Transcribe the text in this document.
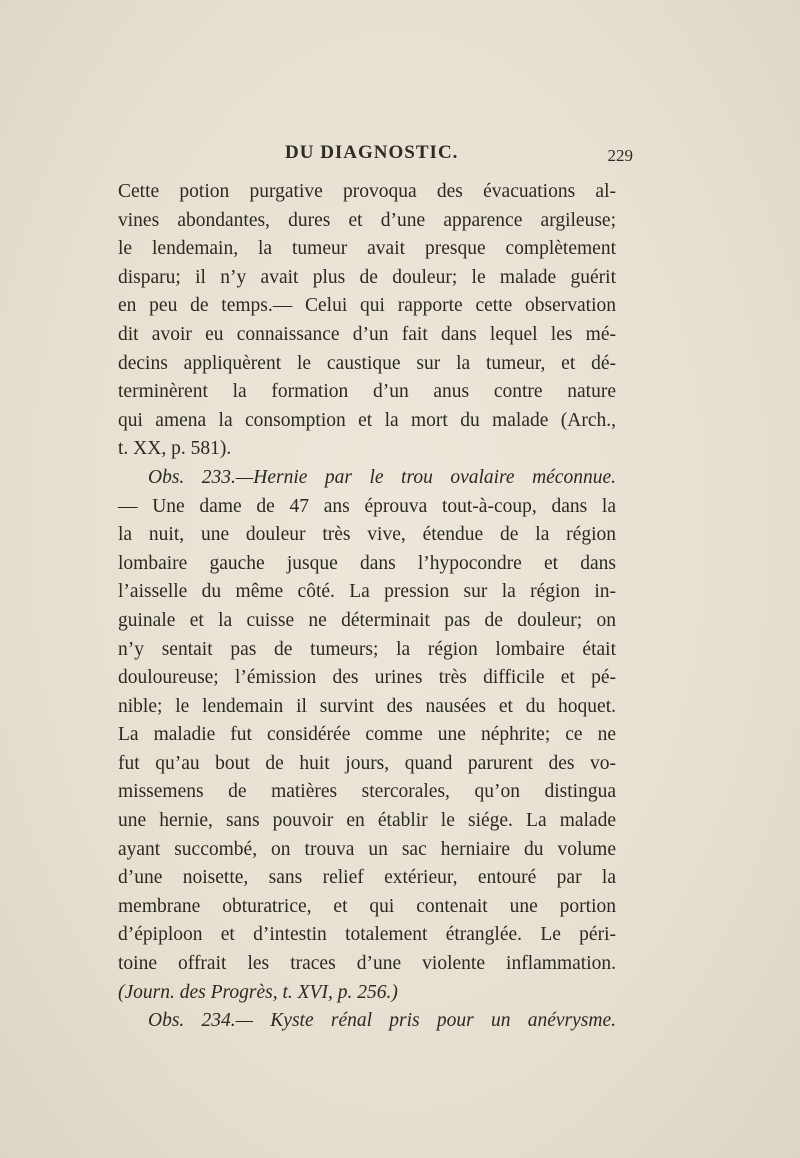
DU DIAGNOSTIC.	229
Cette potion purgative provoqua des évacuations al-
vines abondantes, dures et d’une apparence argileuse;
le lendemain, la tumeur avait presque complètement
disparu; il n’y avait plus de douleur; le malade guérit
en peu de temps.— Celui qui rapporte cette observation
dit avoir eu connaissance d’un fait dans lequel les mé-
decins appliquèrent le caustique sur la tumeur, et dé-
terminèrent la formation d’un anus contre nature
qui amena la consomption et la mort du malade (Arch.,
t. XX, p. 581).
Obs. 233.—Hernie par le trou ovalaire méconnue.
— Une dame de 47 ans éprouva tout-à-coup, dans la
la nuit, une douleur très vive, étendue de la région
lombaire gauche jusque dans l’hypocondre et dans
l’aisselle du même côté. La pression sur la région in-
guinale et la cuisse ne déterminait pas de douleur; on
n’y sentait pas de tumeurs; la région lombaire était
douloureuse; l’émission des urines très difficile et pé-
nible; le lendemain il survint des nausées et du hoquet.
La maladie fut considérée comme une néphrite; ce ne
fut qu’au bout de huit jours, quand parurent des vo-
missemens de matières stercorales, qu’on distingua
une hernie, sans pouvoir en établir le siége. La malade
ayant succombé, on trouva un sac herniaire du volume
d’une noisette, sans relief extérieur, entouré par la
membrane obturatrice, et qui contenait une portion
d’épiploon et d’intestin totalement étranglée. Le péri-
toine offrait les traces d’une violente inflammation.
(Journ. des Progrès, t. XVI, p. 256.)
Obs. 234.— Kyste rénal pris pour un anévrysme.
